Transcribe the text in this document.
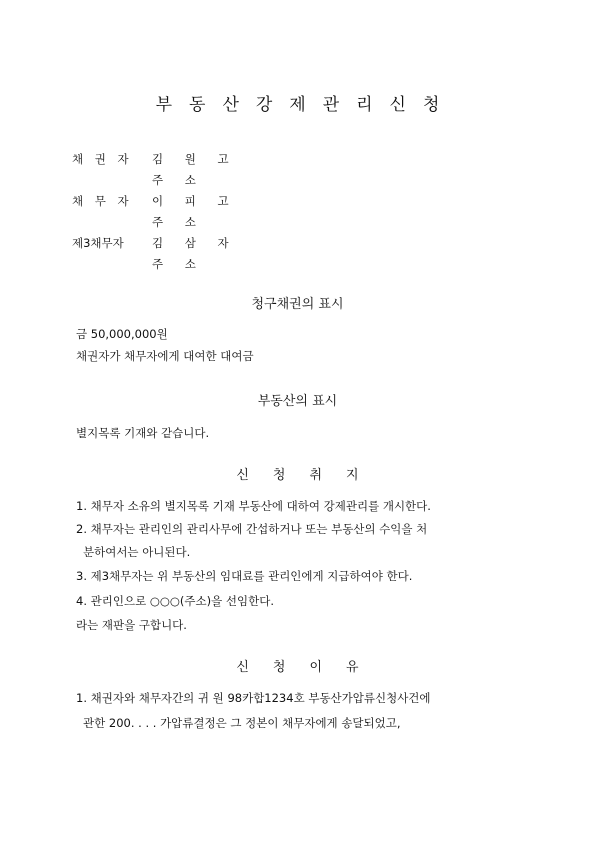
부동산강제관리신청
채 권 자 김 원 고
주 소
채 무 자 이 피 고
주 소
제3채무자 김 삼 자
주 소
청구채권의 표시
금 50,000,000원
채권자가 채무자에게 대여한 대여금
부동산의 표시
별지목록 기재와 같습니다.
신청취지
1. 채무자 소유의 별지목록 기재 부동산에 대하여 강제관리를 개시한다.
2. 채무자는 관리인의 관리사무에 간섭하거나 또는 부동산의 수익을 처
분하여서는 아니된다.
3. 제3채무자는 위 부동산의 임대료를 관리인에게 지급하여야 한다.
4. 관리인으로 ○○○(주소)을 선임한다.
라는 재판을 구합니다.
신청이유
1. 채권자와 채무자간의 귀 원 98카합1234호 부동산가압류신청사건에
관한 200. . . . 가압류결정은 그 정본이 채무자에게 송달되었고,
